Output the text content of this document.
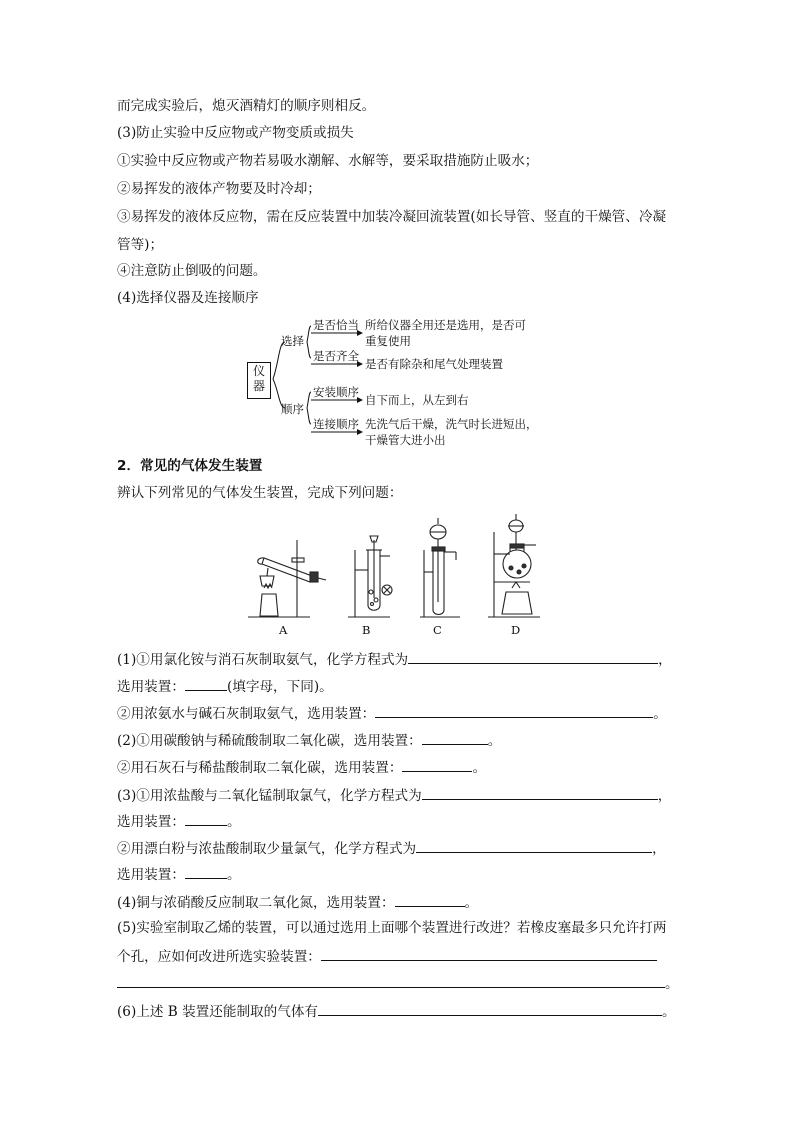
而完成实验后，熄灭酒精灯的顺序则相反。
(3)防止实验中反应物或产物变质或损失
①实验中反应物或产物若易吸水潮解、水解等，要采取措施防止吸水；
②易挥发的液体产物要及时冷却；
③易挥发的液体反应物，需在反应装置中加装冷凝回流装置(如长导管、竖直的干燥管、冷凝
管等)；
④注意防止倒吸的问题。
(4)选择仪器及连接顺序
仪器
选择
顺序
是否恰当
是否齐全
安装顺序
连接顺序
所给仪器全用还是选用，是否可
重复使用
是否有除杂和尾气处理装置
自下而上，从左到右
先洗气后干燥，洗气时长进短出，
干燥管大进小出
2．常见的气体发生装置
辨认下列常见的气体发生装置，完成下列问题：
A	B	C	D
(1)①用氯化铵与消石灰制取氨气，化学方程式为	，
选用装置：	(填字母，下同)。
②用浓氨水与碱石灰制取氨气，选用装置：	。
(2)①用碳酸钠与稀硫酸制取二氧化碳，选用装置：	。
②用石灰石与稀盐酸制取二氧化碳，选用装置：	。
(3)①用浓盐酸与二氧化锰制取氯气，化学方程式为	，
选用装置：	。
②用漂白粉与浓盐酸制取少量氯气，化学方程式为	，
选用装置：	。
(4)铜与浓硝酸反应制取二氧化氮，选用装置：	。
(5)实验室制取乙烯的装置，可以通过选用上面哪个装置进行改进？若橡皮塞最多只允许打两
个孔，应如何改进所选实验装置：
。
(6)上述 B 装置还能制取的气体有	。
